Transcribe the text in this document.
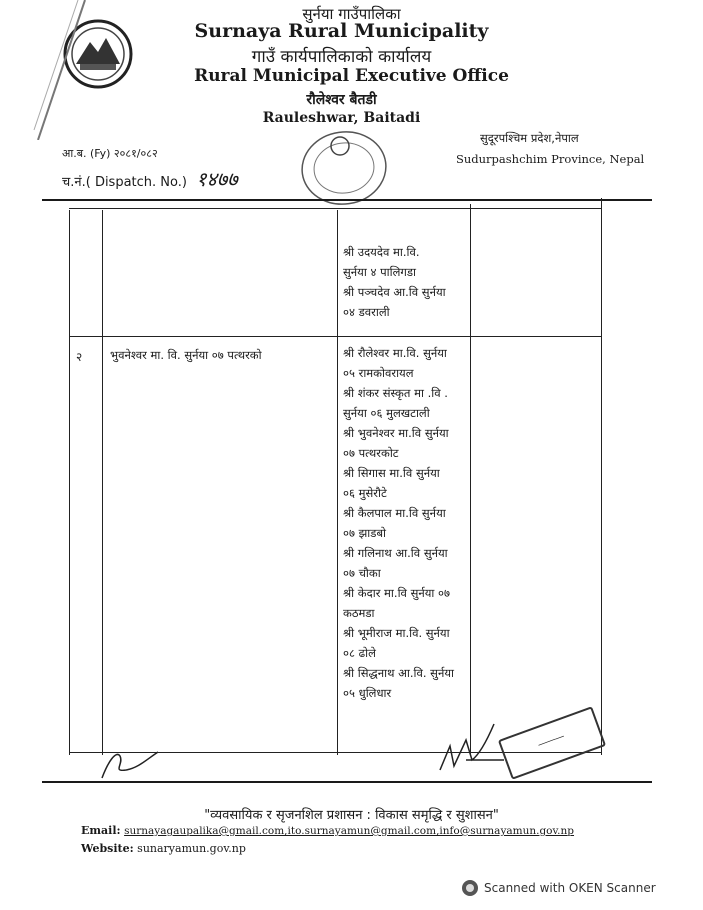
सुर्नया गाउँपालिका
Surnaya Rural Municipality
गाउँ कार्यपालिकाको कार्यालय
Rural Municipal Executive Office
रौलेश्वर बैतडी
Rauleshwar, Baitadi
आ.ब. (Fy) २०८१/०८२
च.नं.( Dispatch. No.) १४७७
सुदूरपश्चिम प्रदेश,नेपाल
Sudurpashchim Province, Nepal
श्री उदयदेव मा.वि.
सुर्नया ४ पालिगडा
श्री पञ्चदेव आ.वि सुर्नया
०४ डवराली
२ भुवनेश्वर मा. वि. सुर्नया ०७ पत्थरको	श्री रौलेश्वर मा.वि. सुर्नया
०५ रामकोवरायल
श्री शंकर संस्कृत मा .वि .
सुर्नया ०६ मुलखटाली
श्री भुवनेश्वर मा.वि सुर्नया
०७ पत्थरकोट
श्री सिगास मा.वि सुर्नया
०६ मुसेरौटे
श्री कैलपाल मा.वि सुर्नया
०७ झाडबो
श्री गलिनाथ आ.वि सुर्नया
०७ चौका
श्री केदार मा.वि सुर्नया ०७
कठमडा
श्री भूमीराज मा.वि. सुर्नया
०८ ढोले
श्री सिद्धनाथ आ.वि. सुर्नया
०५ धुलिधार
―――
"व्यवसायिक र सृजनशिल प्रशासन : विकास समृद्धि र सुशासन"
Email: surnayagaupalika@gmail.com,ito.surnayamun@gmail.com,info@surnayamun.gov.np
Website: sunaryamun.gov.np
Scanned with OKEN Scanner
